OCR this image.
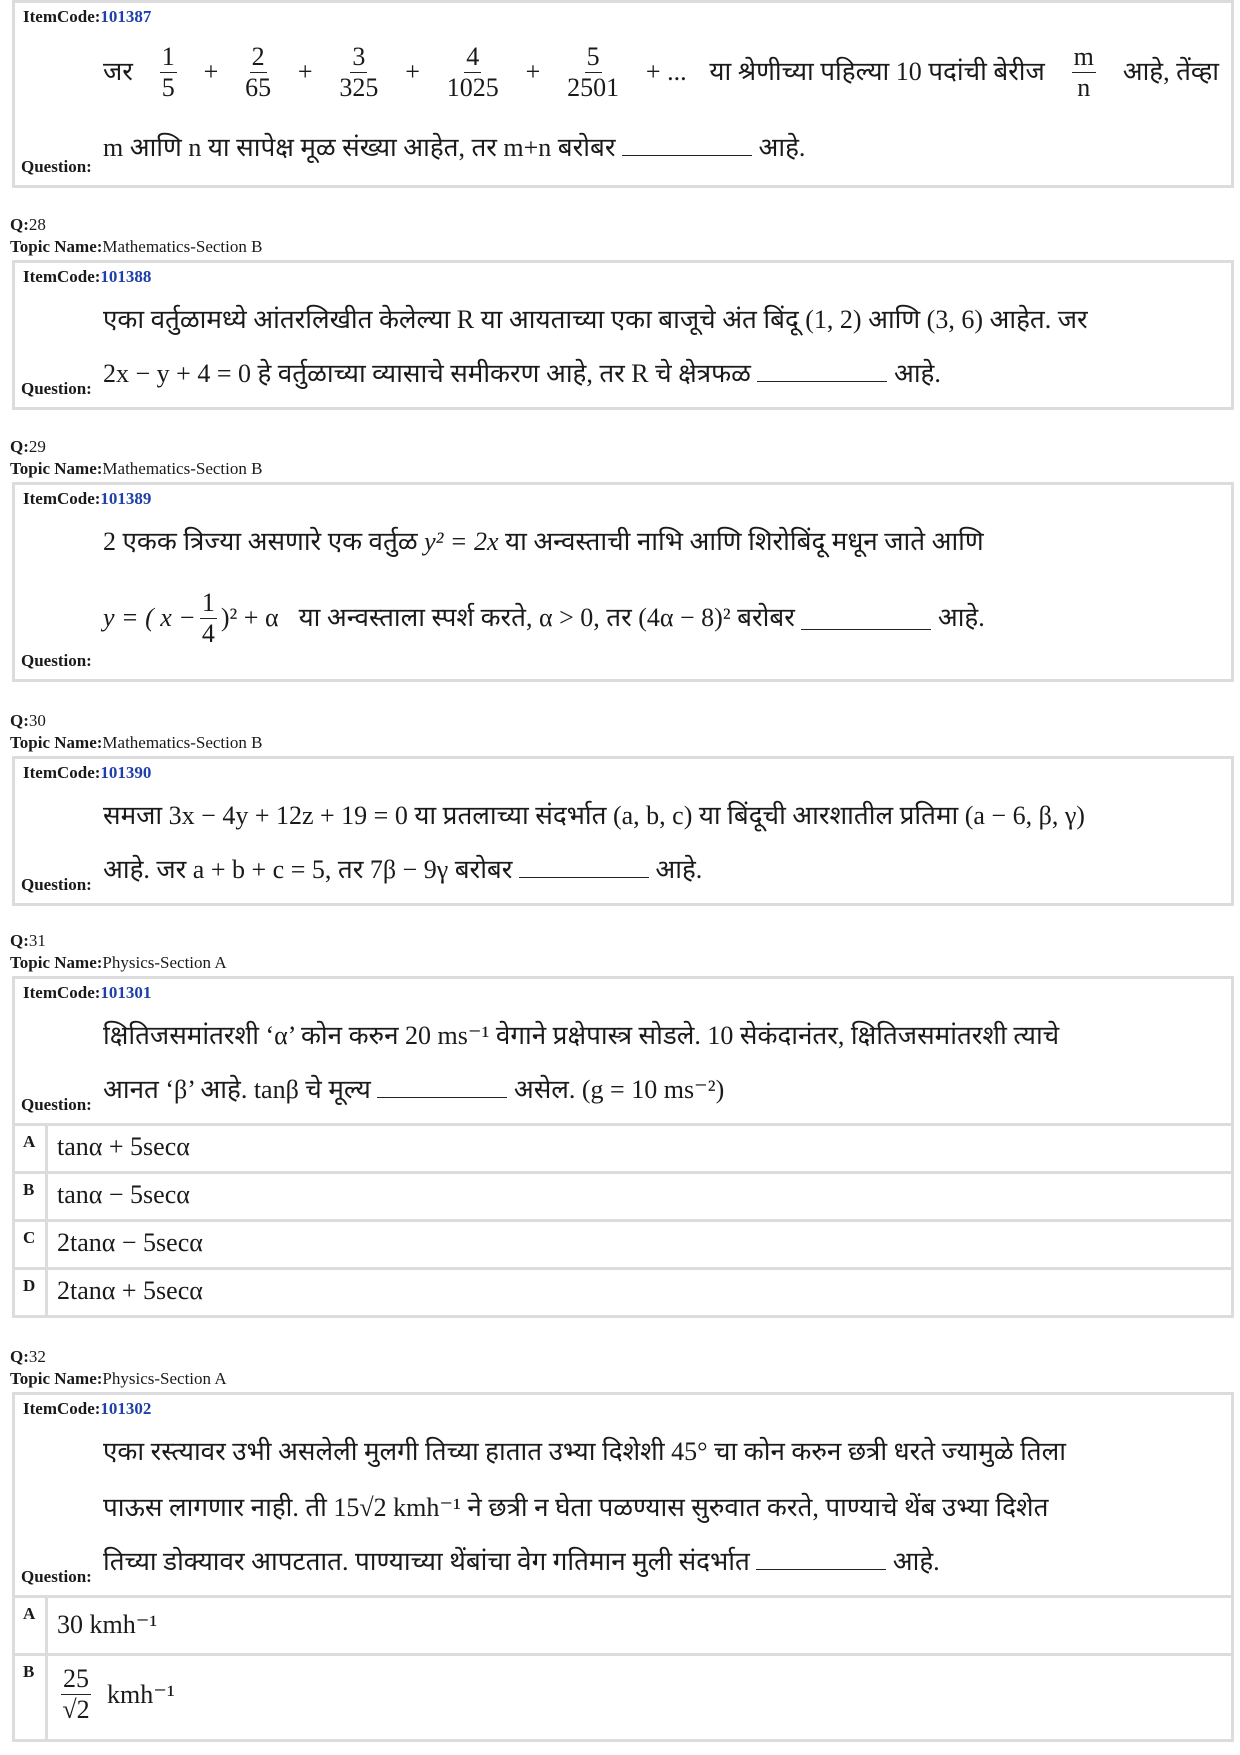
ItemCode:101387
जर $\frac{1}{5} + \frac{2}{65} + \frac{3}{325} + \frac{4}{1025} + \frac{5}{2501}$ + ... या श्रेणीच्या पहिल्या 10 पदांची बेरीज $\frac{m}{n}$ आहे, तेंव्हा
m आणि n या सापेक्ष मूळ संख्या आहेत, तर m+n बरोबर	आहे.
Question:
Q:28
Topic Name:Mathematics-Section B
ItemCode:101388
एका वर्तुळामध्ये आंतरलिखीत केलेल्या R या आयताच्या एका बाजूचे अंत बिंदू (1, 2) आणि (3, 6) आहेत. जर
2x − y + 4 = 0 हे वर्तुळाच्या व्यासाचे समीकरण आहे, तर R चे क्षेत्रफळ	आहे.
Question:
Q:29
Topic Name:Mathematics-Section B
ItemCode:101389
2 एकक त्रिज्या असणारे एक वर्तुळ y² = 2x या अन्वस्ताची नाभि आणि शिरोबिंदू मधून जाते आणि
y = ( $x - \frac{1}{4} )^2 + \alpha$ या अन्वस्ताला स्पर्श करते, α > 0, तर (4α − 8)² बरोबर

	आहे.
Question:
Q:30
Topic Name:Mathematics-Section B
ItemCode:101390
समजा 3x − 4y + 12z + 19 = 0 या प्रतलाच्या संदर्भात (a, b, c) या बिंदूची आरशातील प्रतिमा (a − 6, β, γ)
आहे. जर a + b + c = 5, तर 7β − 9γ बरोबर	आहे.
Question:
Q:31
Topic Name:Physics-Section A
ItemCode:101301
क्षितिजसमांतरशी ‘α’ कोन करुन 20 ms⁻¹ वेगाने प्रक्षेपास्त्र सोडले. 10 सेकंदानंतर, क्षितिजसमांतरशी त्याचे
आनत ‘β’ आहे. tanβ चे मूल्य	असेल. (g = 10 ms⁻²)
Question:
A tanα + 5secα
B tanα − 5secα
C 2tanα − 5secα
D 2tanα + 5secα
Q:32
Topic Name:Physics-Section A
ItemCode:101302
एका रस्त्यावर उभी असलेली मुलगी तिच्या हातात उभ्या दिशेशी 45° चा कोन करुन छत्री धरते ज्यामुळे तिला
पाऊस लागणार नाही. ती 15√2 kmh⁻¹ ने छत्री न घेता पळण्यास सुरुवात करते, पाण्याचे थेंब उभ्या दिशेत
तिच्या डोक्यावर आपटतात. पाण्याच्या थेंबांचा वेग गतिमान मुली संदर्भात	आहे.
Question:
A 30 kmh⁻¹
B	$\frac{25}{√2} kmh^{-1}$
